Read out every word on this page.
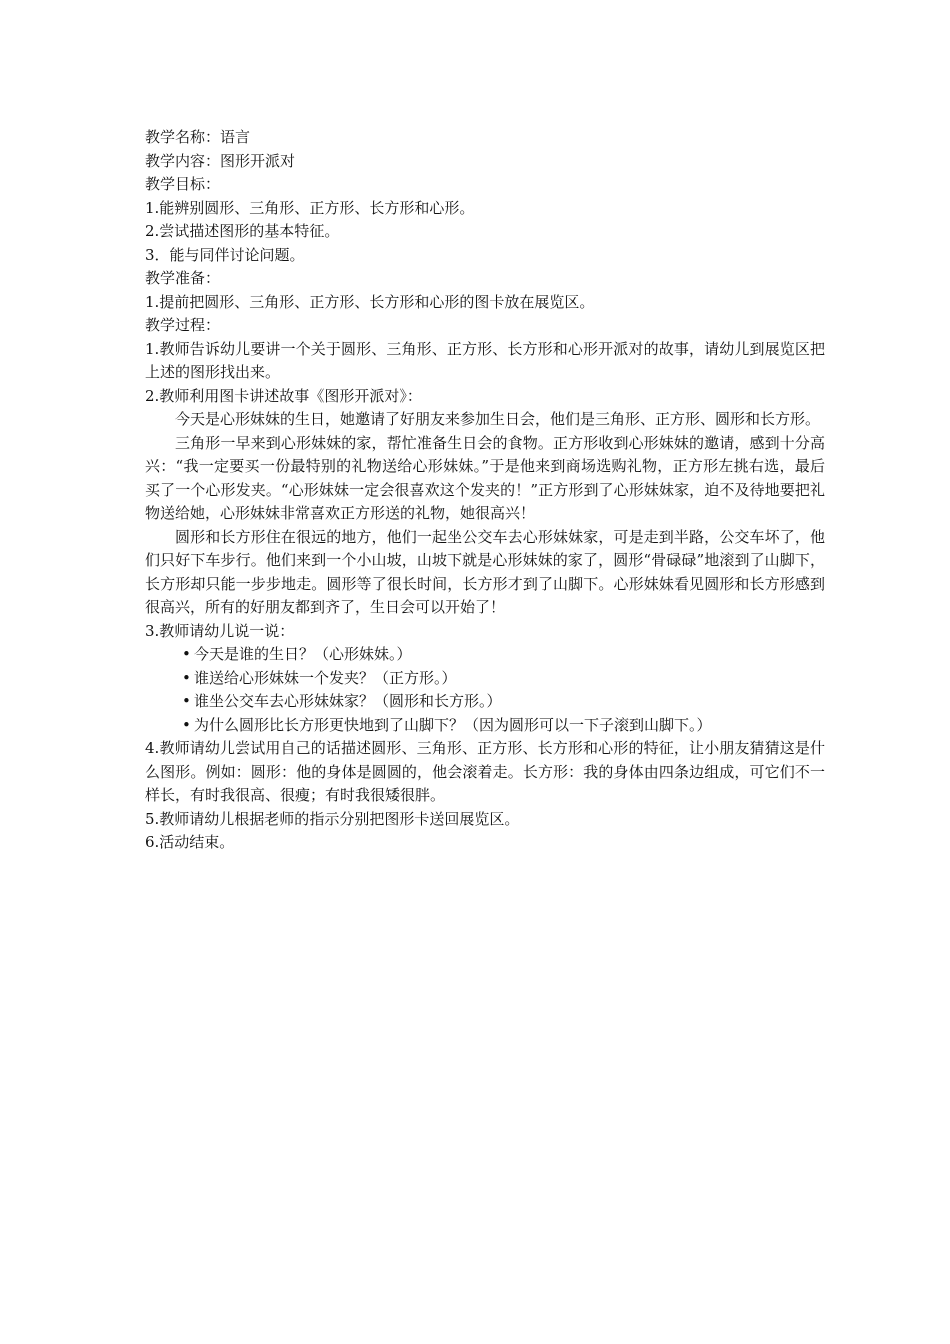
教学名称：语言
教学内容：图形开派对
教学目标：
1.能辨别圆形、三角形、正方形、长方形和心形。
2.尝试描述图形的基本特征。
3．能与同伴讨论问题。
教学准备：
1.提前把圆形、三角形、正方形、长方形和心形的图卡放在展览区。
教学过程：
1.教师告诉幼儿要讲一个关于圆形、三角形、正方形、长方形和心形开派对的故事，请幼儿到展览区把上述的图形找出来。
2.教师利用图卡讲述故事《图形开派对》：
今天是心形妹妹的生日，她邀请了好朋友来参加生日会，他们是三角形、正方形、圆形和长方形。
三角形一早来到心形妹妹的家，帮忙准备生日会的食物。正方形收到心形妹妹的邀请，感到十分高兴：“我一定要买一份最特别的礼物送给心形妹妹。”于是他来到商场选购礼物，正方形左挑右选，最后买了一个心形发夹。“心形妹妹一定会很喜欢这个发夹的！”正方形到了心形妹妹家，迫不及待地要把礼物送给她，心形妹妹非常喜欢正方形送的礼物，她很高兴！
圆形和长方形住在很远的地方，他们一起坐公交车去心形妹妹家，可是走到半路，公交车坏了，他们只好下车步行。他们来到一个小山坡，山坡下就是心形妹妹的家了，圆形“骨碌碌”地滚到了山脚下，长方形却只能一步步地走。圆形等了很长时间，长方形才到了山脚下。心形妹妹看见圆形和长方形感到很高兴，所有的好朋友都到齐了，生日会可以开始了！
3.教师请幼儿说一说：
• 今天是谁的生日？（心形妹妹。）
• 谁送给心形妹妹一个发夹？（正方形。）
• 谁坐公交车去心形妹妹家？（圆形和长方形。）
• 为什么圆形比长方形更快地到了山脚下？（因为圆形可以一下子滚到山脚下。）
4.教师请幼儿尝试用自己的话描述圆形、三角形、正方形、长方形和心形的特征，让小朋友猜猜这是什么图形。例如：圆形：他的身体是圆圆的，他会滚着走。长方形：我的身体由四条边组成，可它们不一样长，有时我很高、很瘦；有时我很矮很胖。
5.教师请幼儿根据老师的指示分别把图形卡送回展览区。
6.活动结束。
